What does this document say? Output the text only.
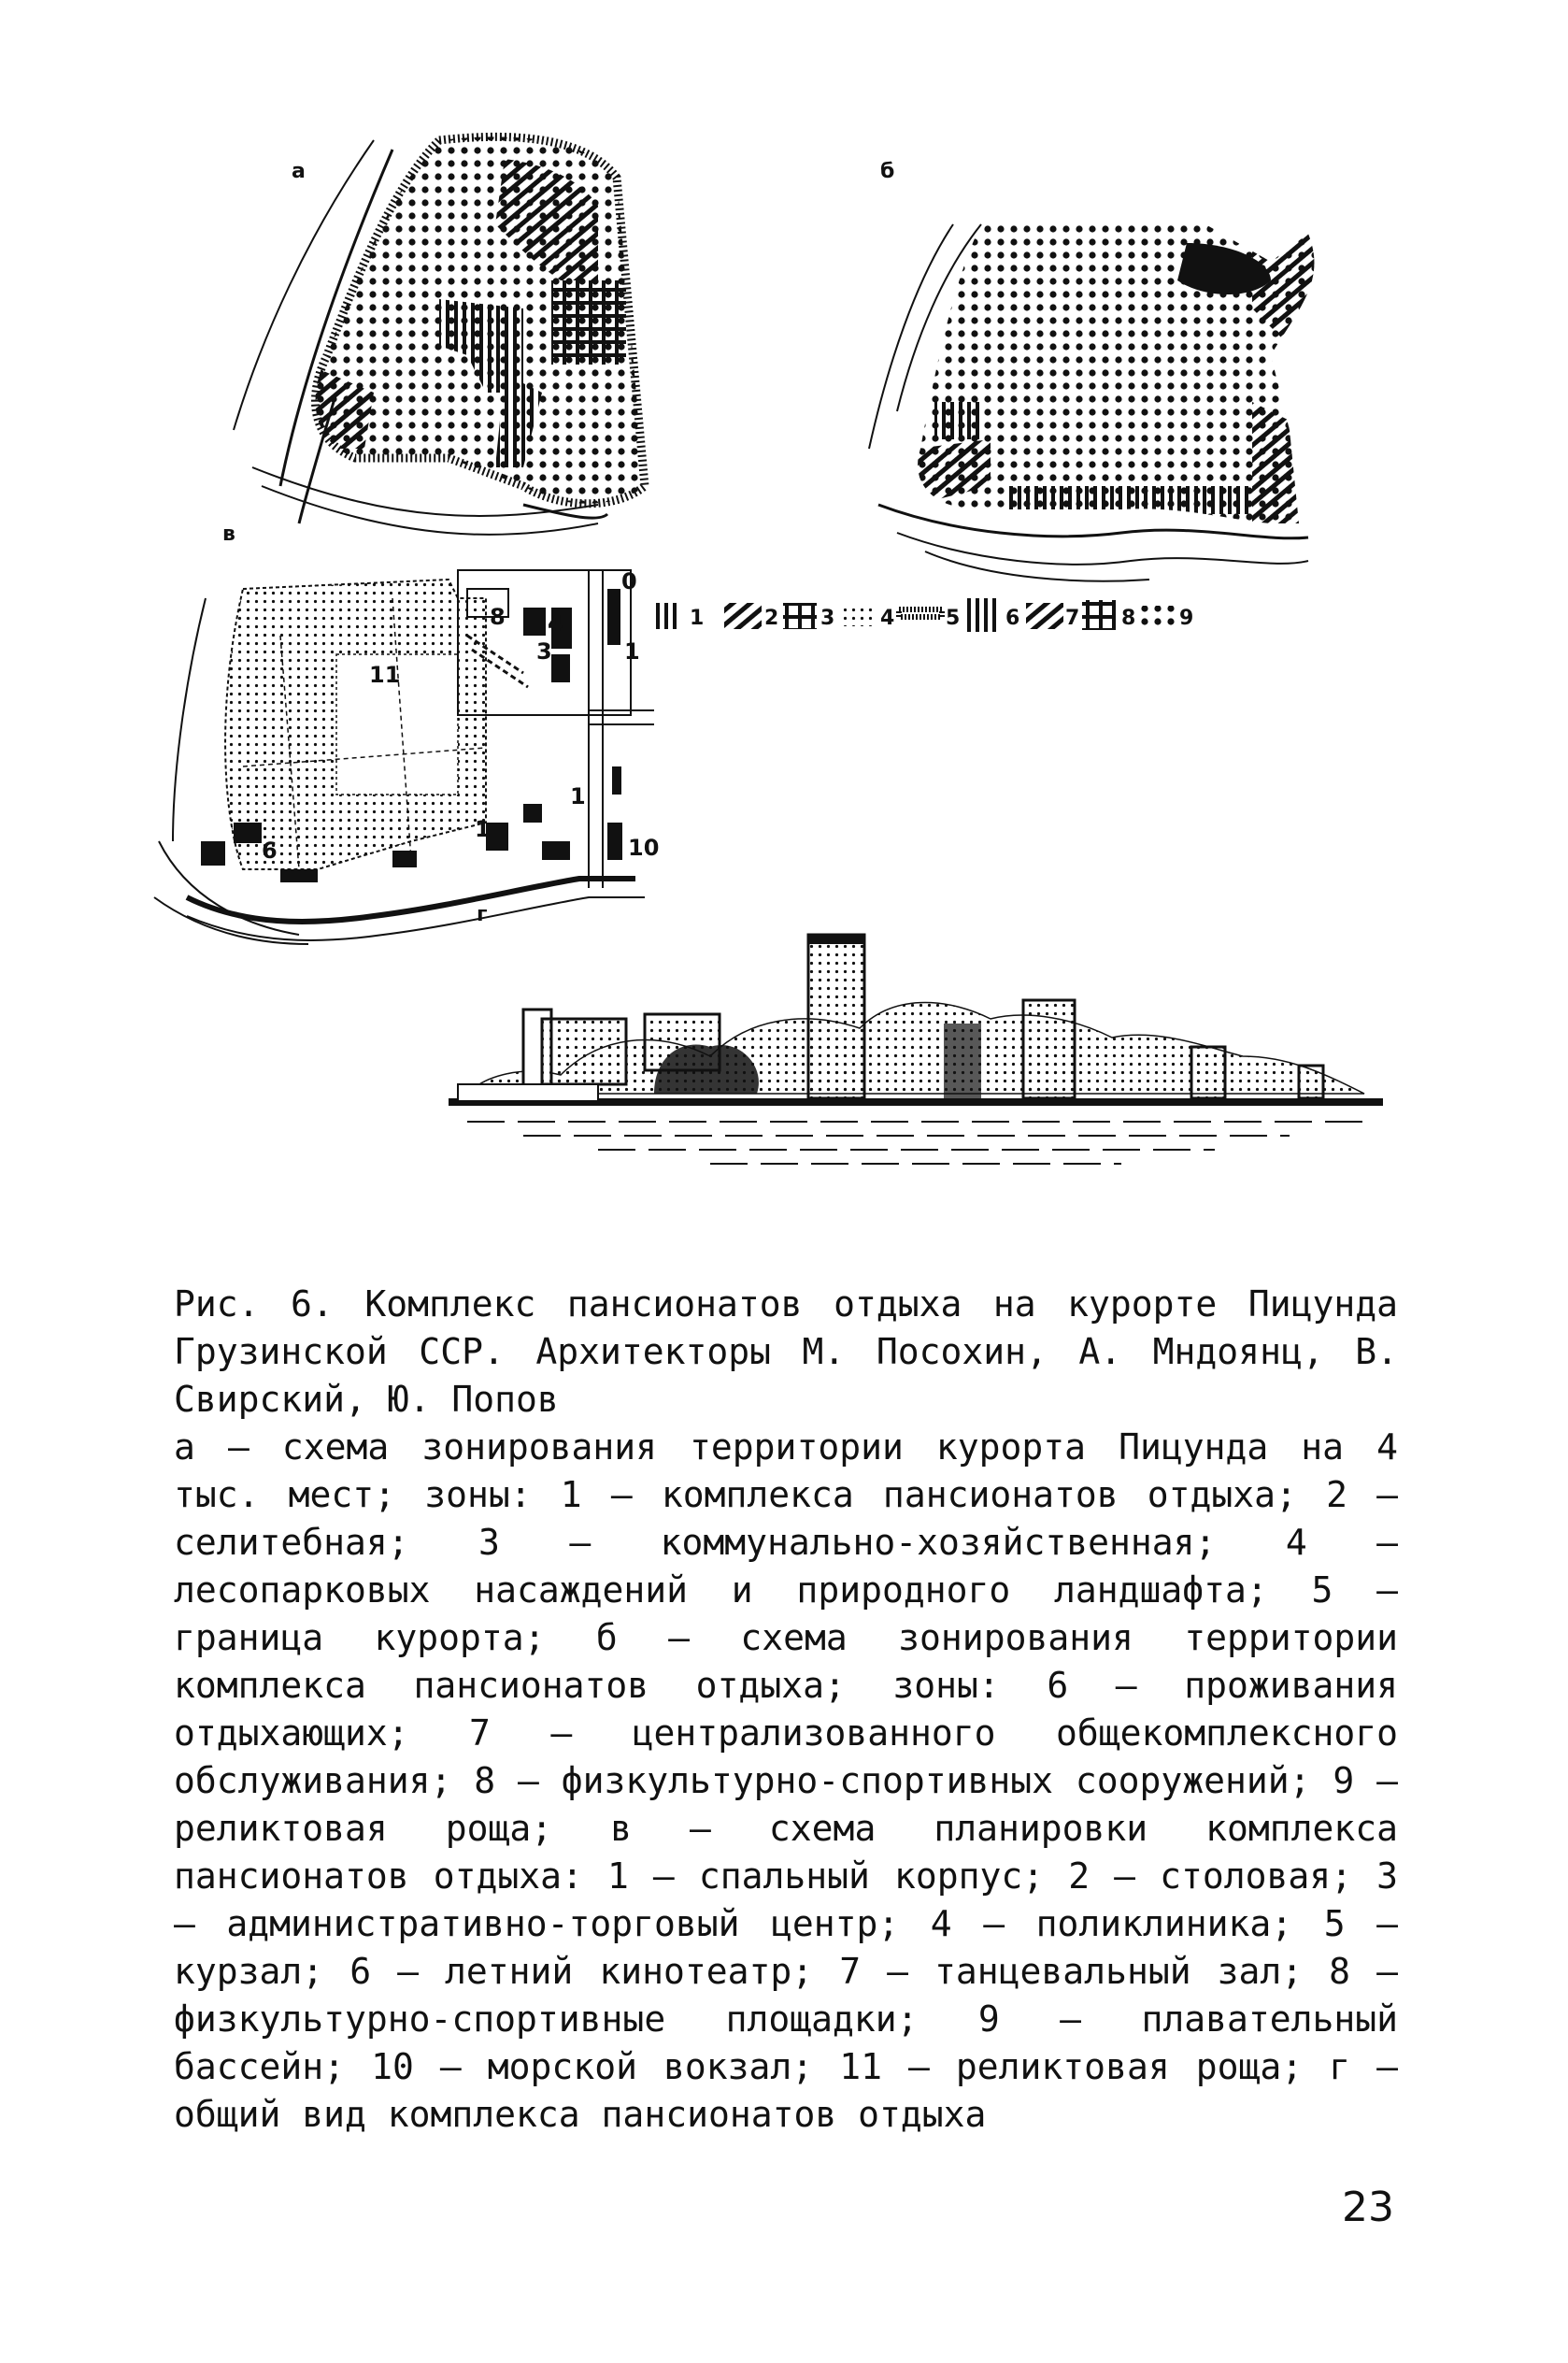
а	б
в
11
8 4
3	1
6
1
1
10
0
г
1	2 3 4 5 6 7 8 9

Рис. 6. Комплекс пансионатов отдыха на курорте Пицунда Грузинской ССР. Архитекторы М. Посохин, А. Мндоянц, В. Свирский, Ю. Попов

а – схема зонирования территории курорта Пицунда на 4 тыс. мест; зоны: 1 – комплекса пансионатов отдыха; 2 – селитебная; 3 – коммунально-хозяйственная; 4 – лесопарковых насаждений и природного ландшафта; 5 – граница курорта; б – схема зонирования территории комплекса пансионатов отдыха; зоны: 6 – проживания отдыхающих; 7 – централизованного общекомплексного обслуживания; 8 – физкультурно-спортивных сооружений; 9 – реликтовая роща; в – схема планировки комплекса пансионатов отдыха: 1 – спальный корпус; 2 – столовая; 3 – административно-торговый центр; 4 – поликлиника; 5 – курзал; 6 – летний кинотеатр; 7 – танцевальный зал; 8 – физкультурно-спортивные площадки; 9 – плавательный бассейн; 10 – морской вокзал; 11 – реликтовая роща; г – общий вид комплекса пансионатов отдыха

23
